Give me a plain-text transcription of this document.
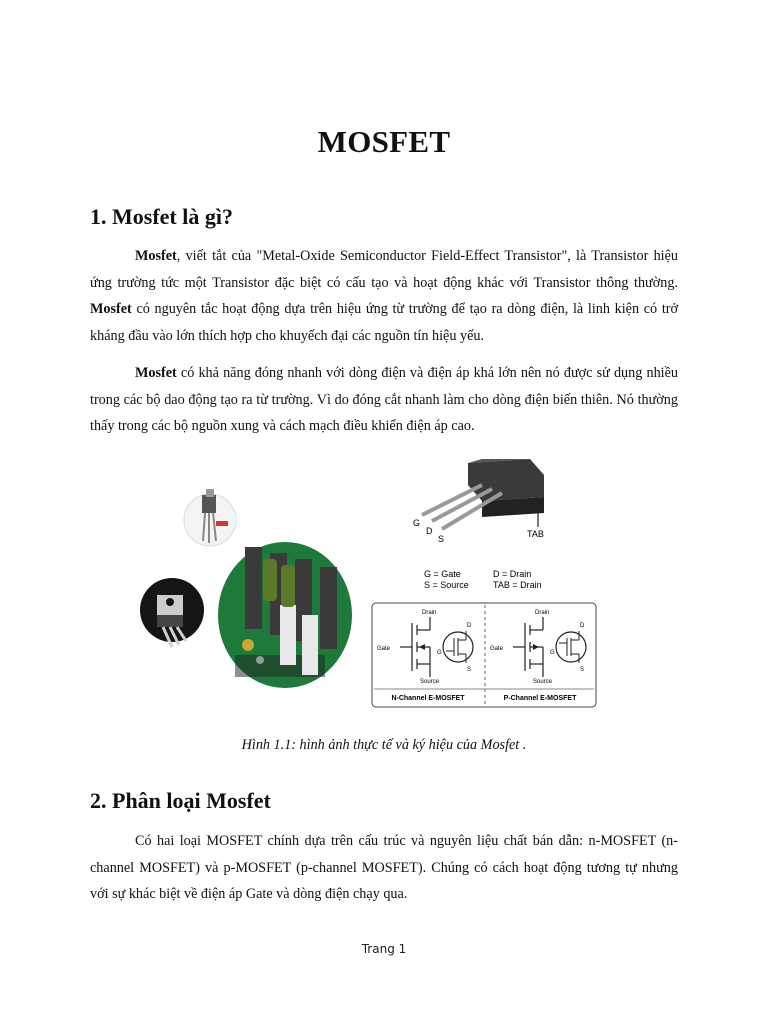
MOSFET
1. Mosfet là gì?

Mosfet, viết tắt của "Metal-Oxide Semiconductor Field-Effect Transistor", là Transistor hiệu ứng trường tức một Transistor đặc biệt có cấu tạo và hoạt động khác với Transistor thông thường. Mosfet có nguyên tắc hoạt động dựa trên hiệu ứng từ trường để tạo ra dòng điện, là linh kiện có trở kháng đầu vào lớn thích hợp cho khuyếch đại các nguồn tín hiệu yếu.

Mosfet có khả năng đóng nhanh với dòng điện và điện áp khá lớn nên nó được sử dụng nhiều trong các bộ dao động tạo ra từ trường. Vì do đóng cắt nhanh làm cho dòng điện biến thiên. Nó thường thấy trong các bộ nguồn xung và cách mạch điều khiển điện áp cao.

G
D
S	TAB
G = Gate
S = Source
D = Drain
TAB = Drain
Drain
Gate
Source
D
G
S
Drain
Gate
Source
D
G
S
N-Channel E-MOSFET	P-Channel E-MOSFET

Hình 1.1: hình ảnh thực tế và ký hiệu của Mosfet .

2. Phân loại Mosfet

Có hai loại MOSFET chính dựa trên cấu trúc và nguyên liệu chất bán dẫn: n-MOSFET (n-channel MOSFET) và p-MOSFET (p-channel MOSFET). Chúng có cách hoạt động tương tự nhưng với sự khác biệt về điện áp Gate và dòng điện chạy qua.

Trang 1
